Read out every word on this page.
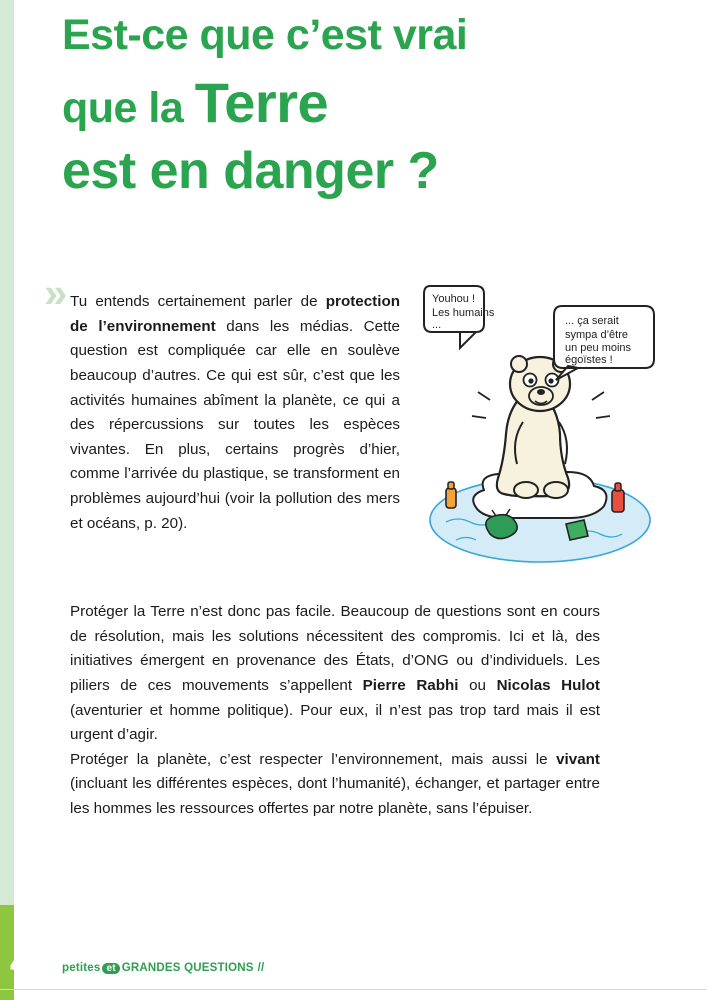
Est-ce que c’est vrai
que la Terre
est en danger ?
» Tu entends certainement parler de protection de l’environnement dans les médias. Cette question est compliquée car elle en soulève beaucoup d’autres. Ce qui est sûr, c’est que les activités humaines abîment la planète, ce qui a des répercussions sur toutes les espèces vivantes. En plus, certains progrès d’hier, comme l’arrivée du plastique, se transforment en problèmes aujourd’hui (voir la pollution des mers et océans, p. 20).

Protéger la Terre n’est donc pas facile. Beaucoup de questions sont en cours de résolution, mais les solutions nécessitent des compromis. Ici et là, des initiatives émergent en provenance des États, d’ONG ou d’individuels. Les piliers de ces mouvements s’appellent Pierre Rabhi ou Nicolas Hulot (aventurier et homme politique). Pour eux, il n’est pas trop tard mais il est urgent d’agir.

Protéger la planète, c’est respecter l’environnement, mais aussi le vivant (incluant les différentes espèces, dont l’humanité), échanger, et partager entre les hommes les ressources offertes par notre planète, sans l’épuiser.

Youhou !
Les humains
...	... ça serait
sympa d’être
un peu moins
égoïstes !
4	petites et GRANDES QUESTIONS //
